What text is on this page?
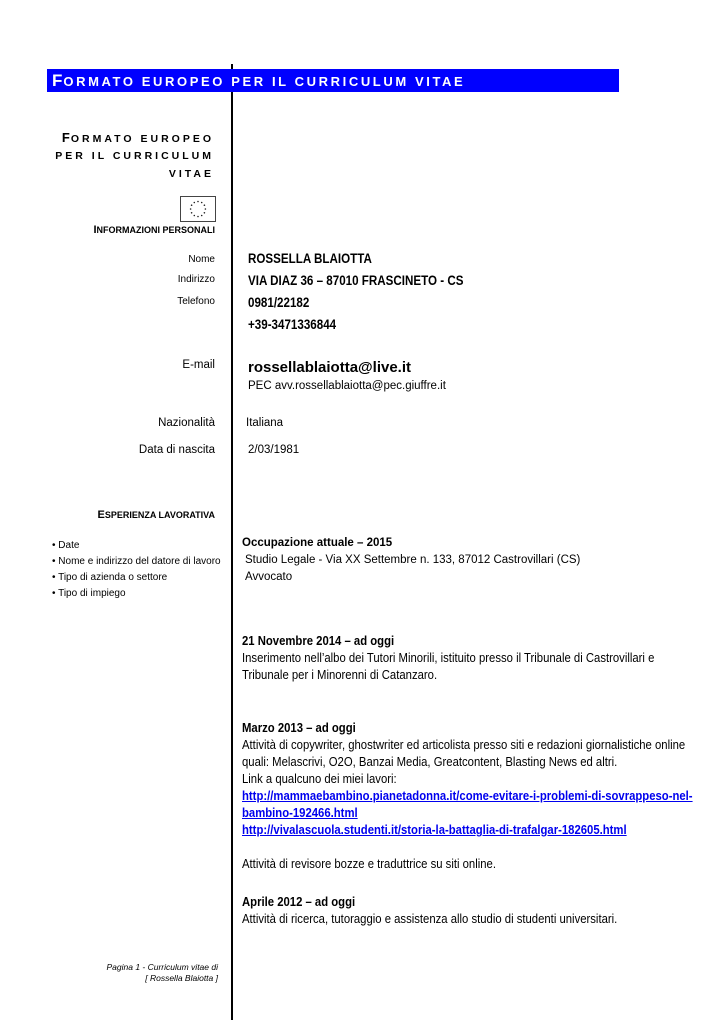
FORMATO EUROPEO PER IL CURRICULUM VITAE
FORMATO EUROPEO
PER IL CURRICULUM
VITAE
INFORMAZIONI PERSONALI
Nome
Indirizzo
Telefono
ROSSELLA BLAIOTTA
VIA DIAZ 36 – 87010 FRASCINETO - CS
0981/22182
+39-3471336844
E-mail rossellablaiotta@live.it
PEC avv.rossellablaiotta@pec.giuffre.it
Nazionalità	Italiana
Data di nascita	2/03/1981
ESPERIENZA LAVORATIVA
• Date
• Nome e indirizzo del datore di lavoro
• Tipo di azienda o settore
• Tipo di impiego
Occupazione attuale – 2015
Studio Legale - Via XX Settembre n. 133, 87012 Castrovillari (CS)
Avvocato
21 Novembre 2014 – ad oggi
Inserimento nell’albo dei Tutori Minorili, istituito presso il Tribunale di Castrovillari e Tribunale per i Minorenni di Catanzaro.
Marzo 2013 – ad oggi
Attività di copywriter, ghostwriter ed articolista presso siti e redazioni giornalistiche online quali: Melascrivi, O2O, Banzai Media, Greatcontent, Blasting News ed altri.
Link a qualcuno dei miei lavori:
http://mammaebambino.pianetadonna.it/come-evitare-i-problemi-di-sovrappeso-nel-bambino-192466.html
http://vivalascuola.studenti.it/storia-la-battaglia-di-trafalgar-182605.html
Attività di revisore bozze e traduttrice su siti online.
Aprile 2012 – ad oggi
Attività di ricerca, tutoraggio e assistenza allo studio di studenti universitari.
Pagina 1 - Curriculum vitae di
[ Rossella Blaiotta ]
